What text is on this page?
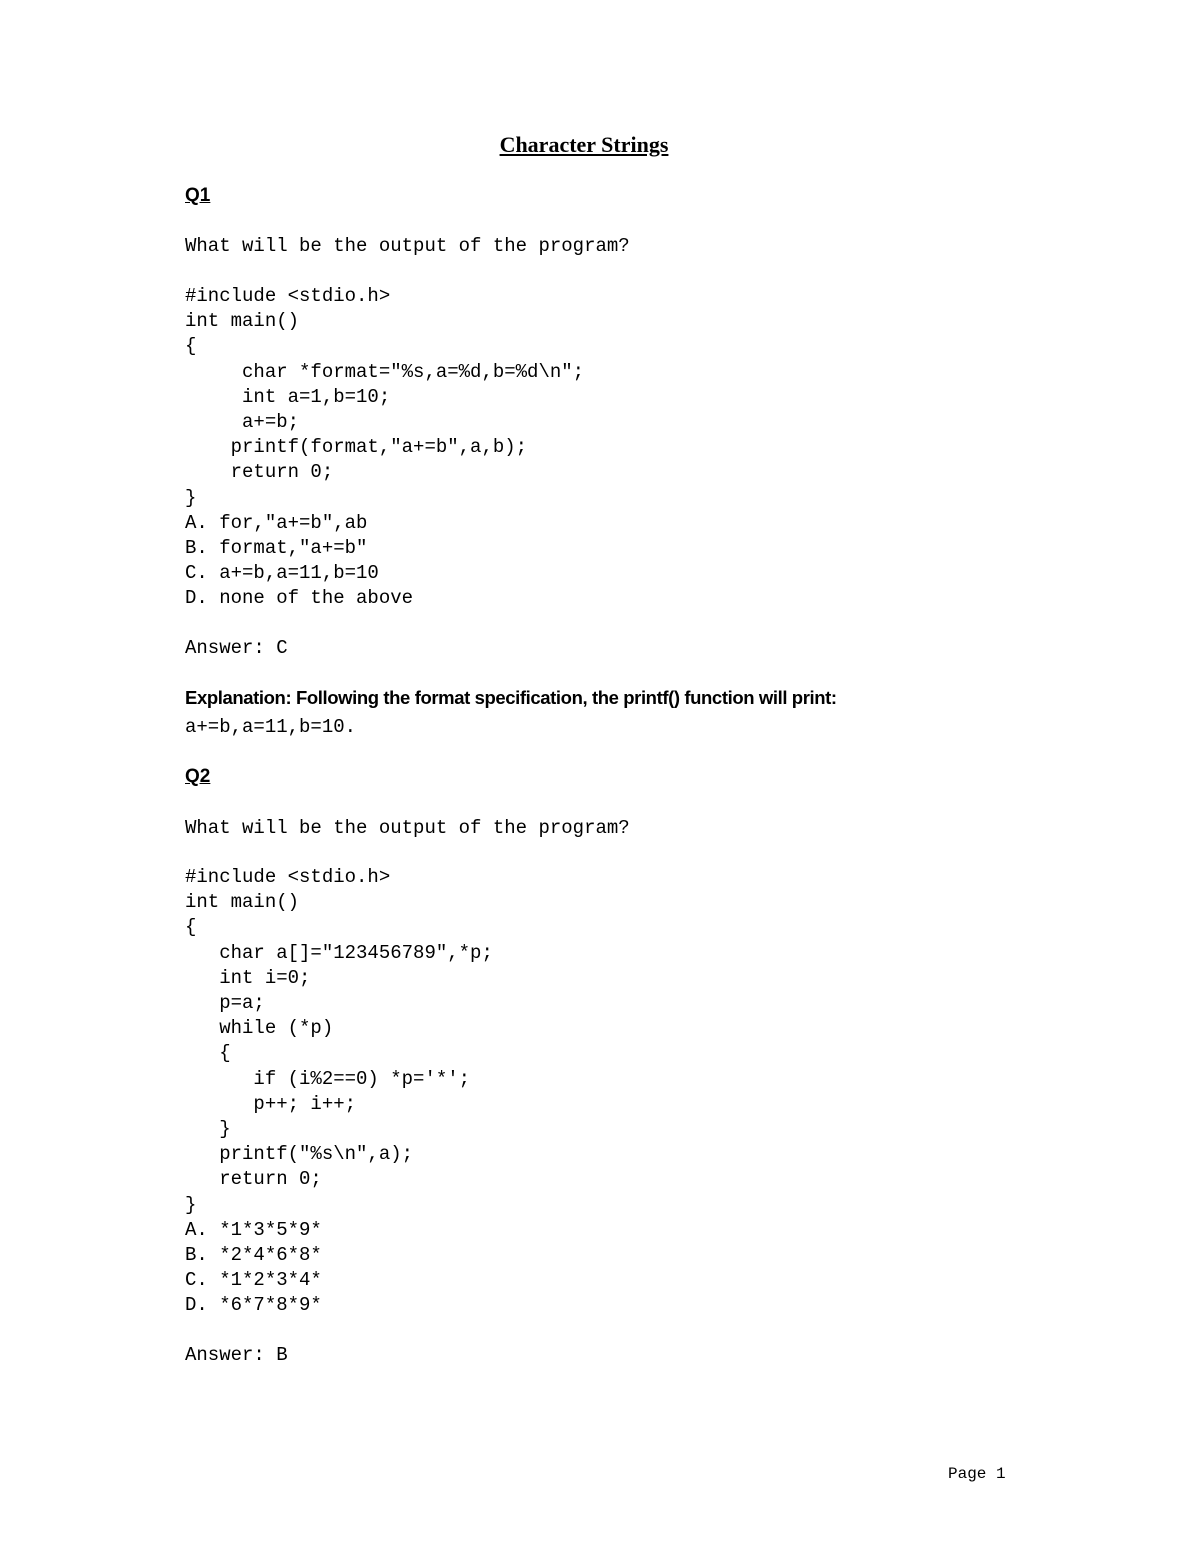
Character Strings

Q1

What will be the output of the program?

#include <stdio.h>
int main()
{
char *format="%s,a=%d,b=%d\n";
int a=1,b=10;
a+=b;
printf(format,"a+=b",a,b);
return 0;
}
A. for,"a+=b",ab
B. format,"a+=b"
C. a+=b,a=11,b=10
D. none of the above

Answer: C

Explanation: Following the format specification, the printf() function will print:

a+=b,a=11,b=10.

Q2

What will be the output of the program?

#include <stdio.h>
int main()
{
char a[]="123456789",*p;
int i=0;
p=a;
while (*p)
{
if (i%2==0) *p='*';
p++; i++;
}
printf("%s\n",a);
return 0;
}
A. *1*3*5*9*
B. *2*4*6*8*
C. *1*2*3*4*
D. *6*7*8*9*

Answer: B

Page 1
